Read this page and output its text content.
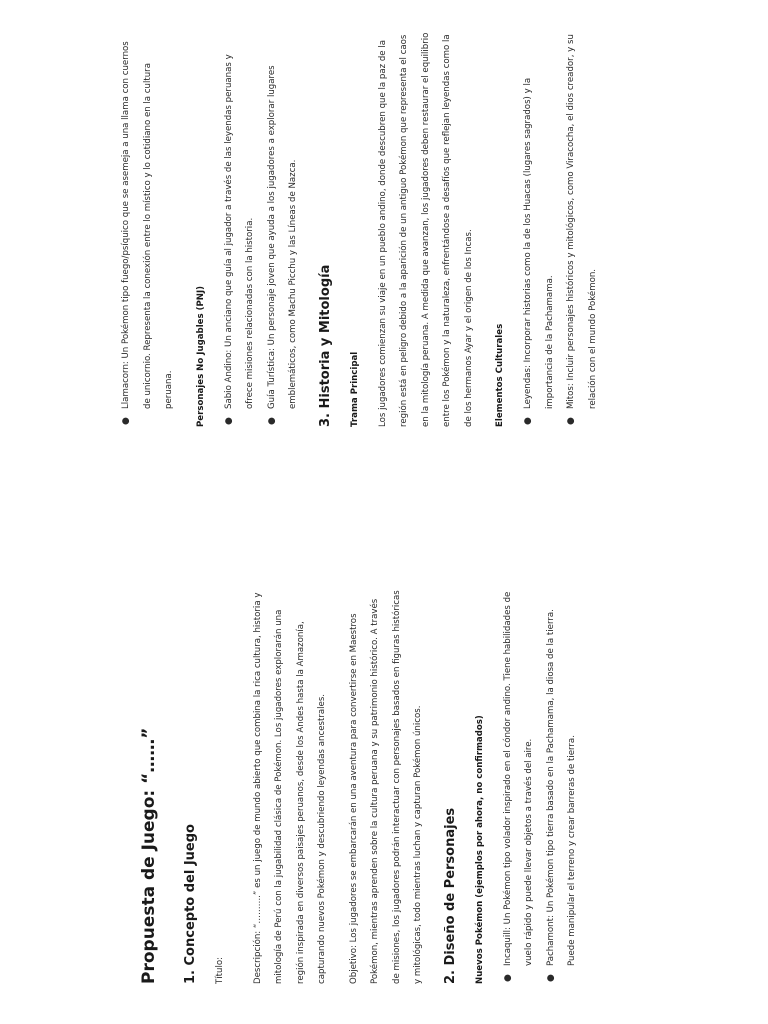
Propuesta de Juego: “……” 1. Concepto del Juego	Título:	Descripción: “……….” es un juego de mundo abierto que combina la rica cultura, historia y mitología de Perú con la jugabilidad clásica de Pokémon. Los jugadores explorarán una región inspirada en diversos paisajes peruanos, desde los Andes hasta la Amazonía, capturando nuevos Pokémon y descubriendo leyendas ancestrales.	Objetivo: Los jugadores se embarcarán en una aventura para convertirse en Maestros Pokémon, mientras aprenden sobre la cultura peruana y su patrimonio histórico. A través de misiones, los jugadores podrán interactuar con personajes basados en figuras históricas y mitológicas, todo mientras luchan y capturan Pokémon únicos.	2. Diseño de Personajes	Nuevos Pokémon (ejemplos por ahora, no confirmados)	●
Incaquill: Un Pokémon tipo volador inspirado en el cóndor andino. Tiene habilidades de vuelo rápido y puede llevar objetos a través del aire.
●
Pachamont: Un Pokémon tipo tierra basado en la Pachamama, la diosa de la tierra. Puede manipular el terreno y crear barreras de tierra.
●
Llamacorn: Un Pokémon tipo fuego/psíquico que se asemeja a una llama con cuernos de unicornio. Representa la conexión entre lo místico y lo cotidiano en la cultura peruana.	Personajes No Jugables (PNJ)	●
Sabio Andino: Un anciano que guía al jugador a través de las leyendas peruanas y ofrece misiones relacionadas con la historia.
●
Guía Turística: Un personaje joven que ayuda a los jugadores a explorar lugares emblemáticos, como Machu Picchu y las Líneas de Nazca.	3. Historia y Mitología	Trama Principal	Los jugadores comienzan su viaje en un pueblo andino, donde descubren que la paz de la región está en peligro debido a la aparición de un antiguo Pokémon que representa el caos en la mitología peruana. A medida que avanzan, los jugadores deben restaurar el equilibrio entre los Pokémon y la naturaleza, enfrentándose a desafíos que reflejan leyendas como la de los hermanos Ayar y el origen de los Incas.	Elementos Culturales	●
Leyendas: Incorporar historias como la de los Huacas (lugares sagrados) y la importancia de la Pachamama.
●
Mitos: Incluir personajes históricos y mitológicos, como Viracocha, el dios creador, y su relación con el mundo Pokémon.
